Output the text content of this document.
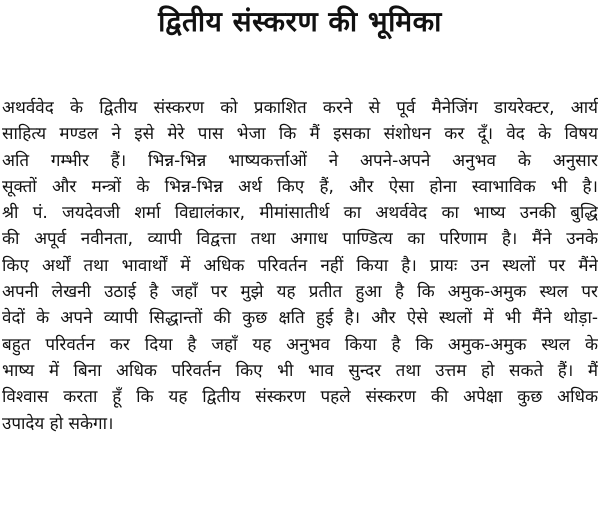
द्वितीय संस्करण की भूमिका
अथर्ववेद के द्वितीय संस्करण को प्रकाशित करने से पूर्व मैनेजिंग डायरेक्टर, आर्य
साहित्य मण्डल ने इसे मेरे पास भेजा कि मैं इसका संशोधन कर दूँ। वेद के विषय
अति गम्भीर हैं। भिन्न-भिन्न भाष्यकर्त्ताओं ने अपने-अपने अनुभव के अनुसार
सूक्तों और मन्त्रों के भिन्न-भिन्न अर्थ किए हैं, और ऐसा होना स्वाभाविक भी है।
श्री पं. जयदेवजी शर्मा विद्यालंकार, मीमांसातीर्थ का अथर्ववेद का भाष्य उनकी बुद्धि
की अपूर्व नवीनता, व्यापी विद्वत्ता तथा अगाध पाण्डित्य का परिणाम है। मैंने उनके
किए अर्थों तथा भावार्थों में अधिक परिवर्तन नहीं किया है। प्रायः उन स्थलों पर मैंने
अपनी लेखनी उठाई है जहाँ पर मुझे यह प्रतीत हुआ है कि अमुक-अमुक स्थल पर
वेदों के अपने व्यापी सिद्धान्तों की कुछ क्षति हुई है। और ऐसे स्थलों में भी मैंने थोड़ा-
बहुत परिवर्तन कर दिया है जहाँ यह अनुभव किया है कि अमुक-अमुक स्थल के
भाष्य में बिना अधिक परिवर्तन किए भी भाव सुन्दर तथा उत्तम हो सकते हैं। मैं
विश्वास करता हूँ कि यह द्वितीय संस्करण पहले संस्करण की अपेक्षा कुछ अधिक
उपादेय हो सकेगा।
